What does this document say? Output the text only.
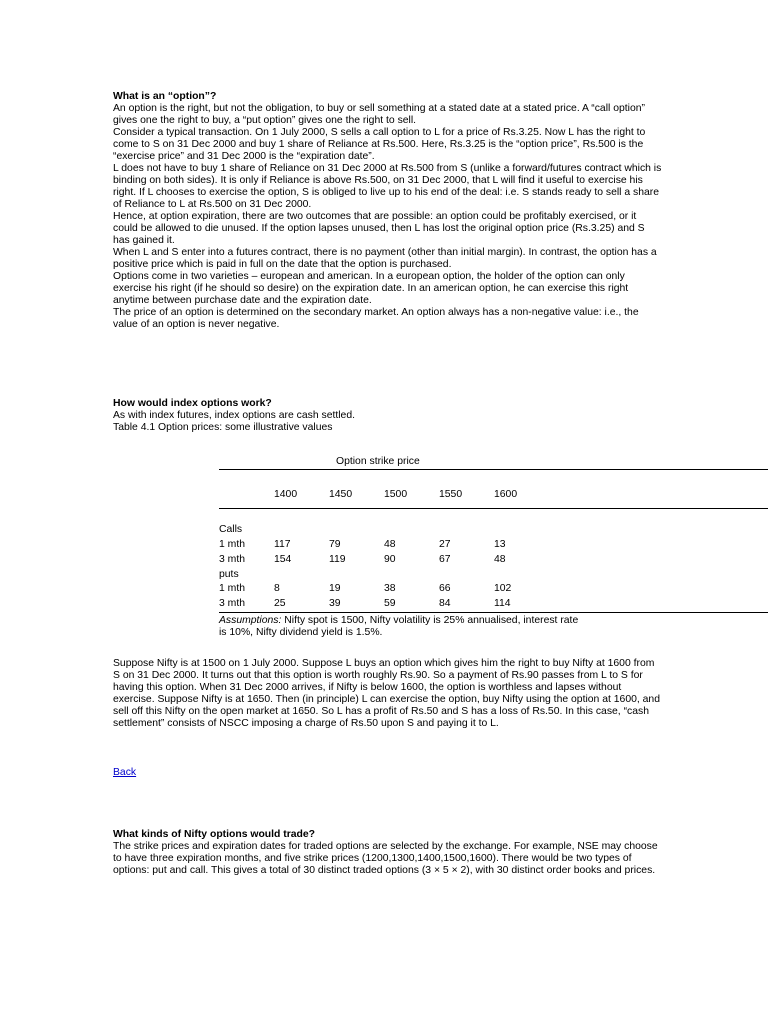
What is an “option”?

An option is the right, but not the obligation, to buy or sell something at a stated date at a stated price. A “call option” gives one the right to buy, a “put option” gives one the right to sell.

Consider a typical transaction. On 1 July 2000, S sells a call option to L for a price of Rs.3.25. Now L has the right to come to S on 31 Dec 2000 and buy 1 share of Reliance at Rs.500. Here, Rs.3.25 is the “option price”, Rs.500 is the “exercise price” and 31 Dec 2000 is the “expiration date”.

L does not have to buy 1 share of Reliance on 31 Dec 2000 at Rs.500 from S (unlike a forward/futures contract which is binding on both sides). It is only if Reliance is above Rs.500, on 31 Dec 2000, that L will find it useful to exercise his right. If L chooses to exercise the option, S is obliged to live up to his end of the deal: i.e. S stands ready to sell a share of Reliance to L at Rs.500 on 31 Dec 2000.

Hence, at option expiration, there are two outcomes that are possible: an option could be profitably exercised, or it could be allowed to die unused. If the option lapses unused, then L has lost the original option price (Rs.3.25) and S has gained it.

When L and S enter into a futures contract, there is no payment (other than initial margin). In contrast, the option has a positive price which is paid in full on the date that the option is purchased.

Options come in two varieties – european and american. In a european option, the holder of the option can only exercise his right (if he should so desire) on the expiration date. In an american option, he can exercise this right anytime between purchase date and the expiration date.

The price of an option is determined on the secondary market. An option always has a non-negative value: i.e., the value of an option is never negative.

How would index options work?

As with index futures, index options are cash settled.

Table 4.1 Option prices: some illustrative values

Option strike price
1400	1450	1500	1550	1600
Calls
1 mth	117	79	48	27	13
3 mth	154	119	90	67	48
puts
1 mth	8	19	38	66	102
3 mth	25	39	59	84	114
Assumptions: Nifty spot is 1500, Nifty volatility is 25% annualised, interest rate is 10%, Nifty dividend yield is 1.5%.

Suppose Nifty is at 1500 on 1 July 2000. Suppose L buys an option which gives him the right to buy Nifty at 1600 from S on 31 Dec 2000. It turns out that this option is worth roughly Rs.90. So a payment of Rs.90 passes from L to S for having this option. When 31 Dec 2000 arrives, if Nifty is below 1600, the option is worthless and lapses without exercise. Suppose Nifty is at 1650. Then (in principle) L can exercise the option, buy Nifty using the option at 1600, and sell off this Nifty on the open market at 1650. So L has a profit of Rs.50 and S has a loss of Rs.50. In this case, “cash settlement” consists of NSCC imposing a charge of Rs.50 upon S and paying it to L.

Back
What kinds of Nifty options would trade?

The strike prices and expiration dates for traded options are selected by the exchange. For example, NSE may choose to have three expiration months, and five strike prices (1200,1300,1400,1500,1600). There would be two types of options: put and call. This gives a total of 30 distinct traded options (3 × 5 × 2), with 30 distinct order books and prices.
